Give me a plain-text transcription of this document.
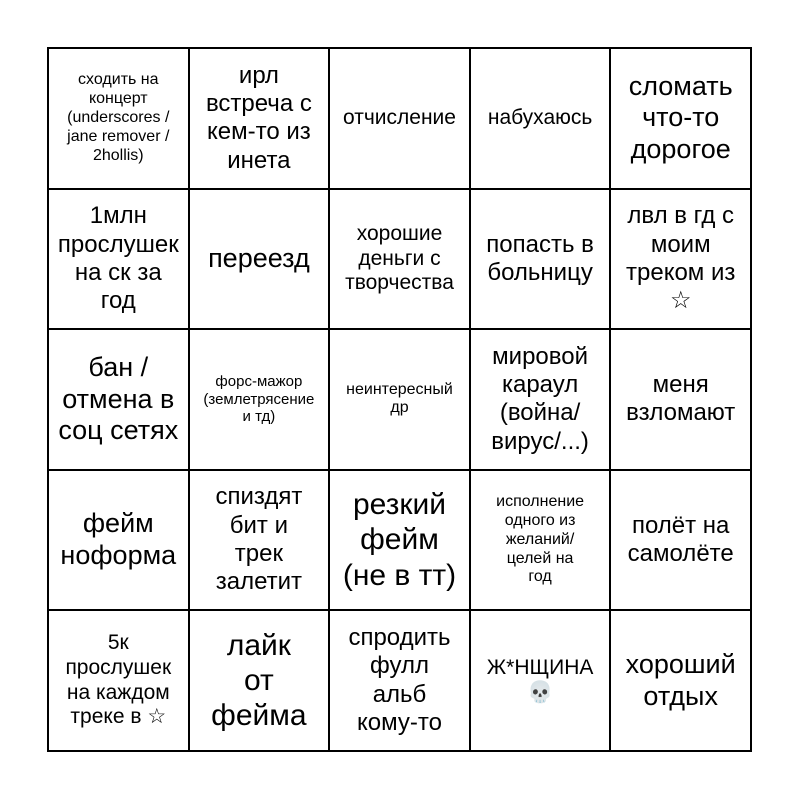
сходить на
концерт
(underscores /
jane remover /
2hollis)
ирл
встреча с
кем-то из
инета
отчисление набухаюсь
сломать
что-то
дорогое
1млн
прослушек
на ск за
год
переезд
хорошие
деньги с
творчества
попасть в
больницу
лвл в гд с
моим
треком из
☆
бан /
отмена в
соц сетях
форс-мажор
(землетрясение
и тд)
неинтересный
др
мировой
караул
(война/
вирус/...)
меня
взломают
фейм
ноформа
спиздят
бит и
трек
залетит
резкий
фейм
(не в тт)
исполнение
одного из
желаний/
целей на
год
полёт на
самолёте
5к
прослушек
на каждом
треке в ☆
лайк
от
фейма
спродить
фулл
альб
кому-то
Ж*НЩИНА
💀
хороший
отдых
